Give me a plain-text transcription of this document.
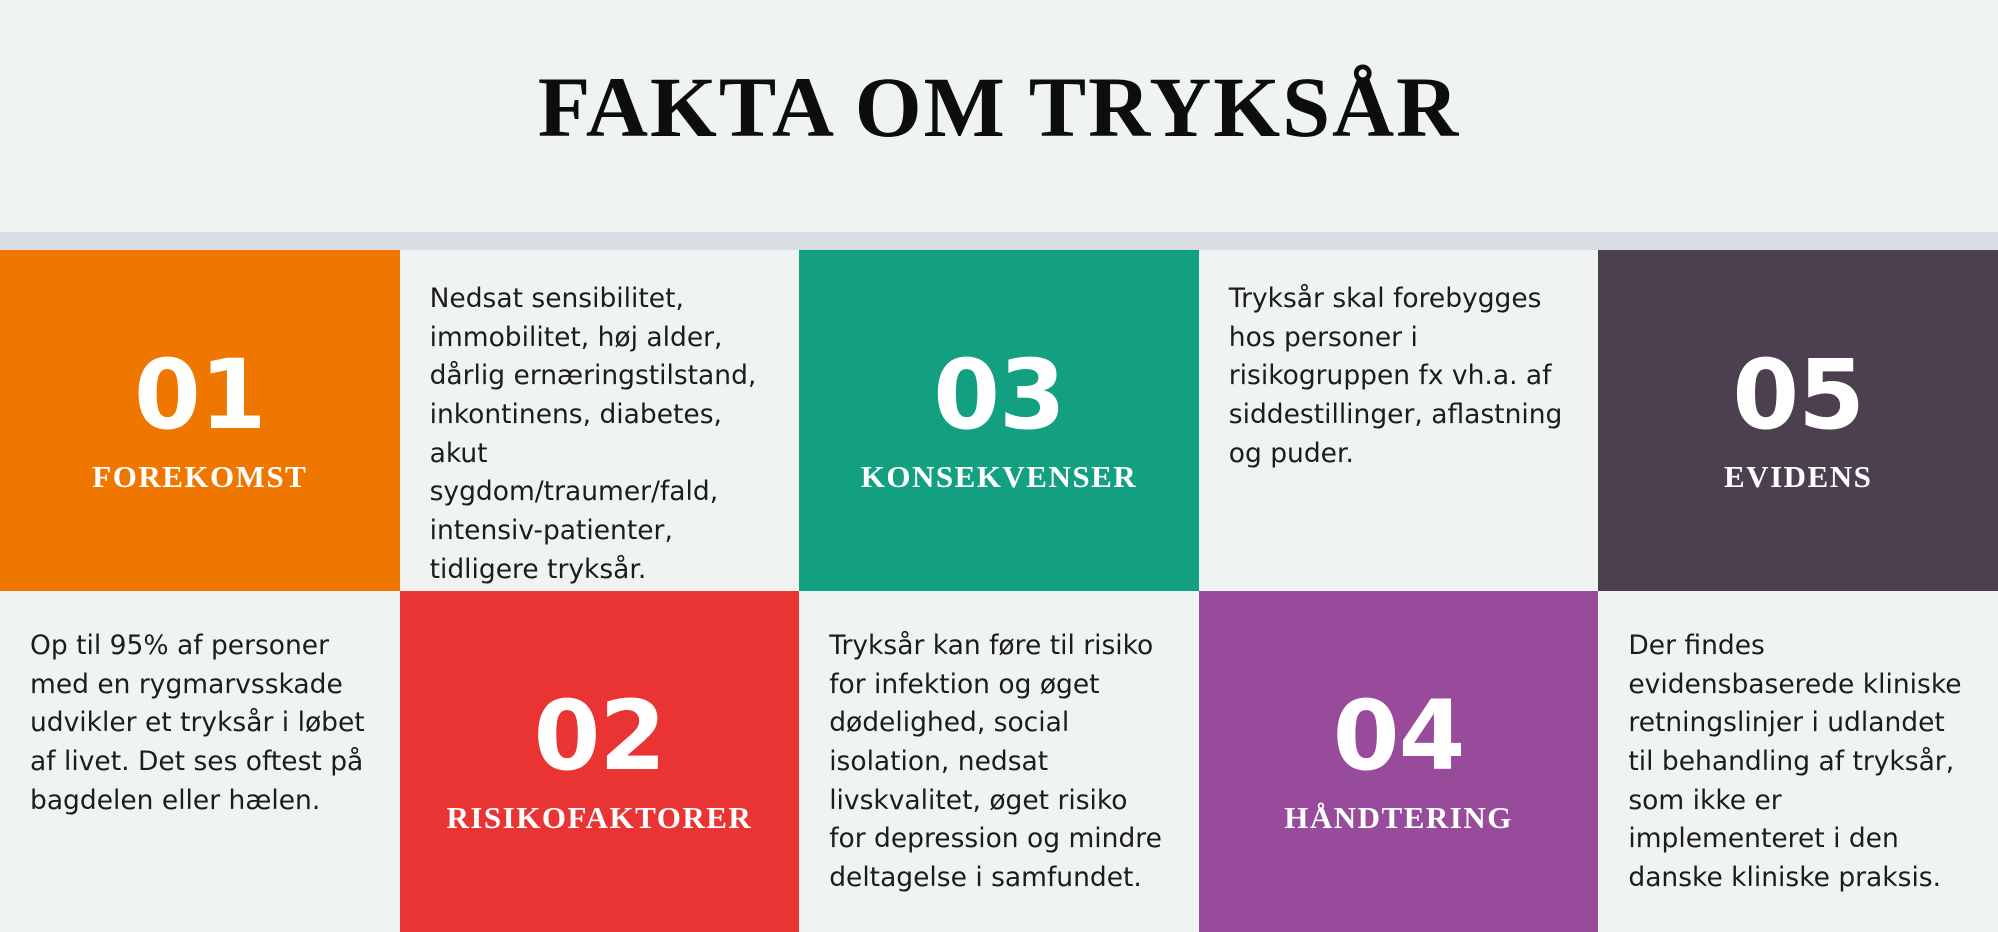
FAKTA OM TRYKSÅR
01
FOREKOMST
Op til 95% af personer med en rygmarvsskade udvikler et tryksår i løbet af livet. Det ses oftest på bagdelen eller hælen.
Nedsat sensibilitet, immobilitet, høj alder, dårlig ernæringstilstand, inkontinens, diabetes, akut sygdom/traumer/fald, intensiv-patienter, tidligere tryksår.
02
RISIKOFAKTORER
03
KONSEKVENSER
Tryksår kan føre til risiko for infektion og øget dødelighed, social isolation, nedsat livskvalitet, øget risiko for depression og mindre deltagelse i samfundet.
Tryksår skal forebygges hos personer i risikogruppen fx vh.a. af siddestillinger, aflastning og puder.
04
HÅNDTERING
05
EVIDENS
Der findes evidensbaserede kliniske retningslinjer i udlandet til behandling af tryksår, som ikke er implementeret i den danske kliniske praksis.
